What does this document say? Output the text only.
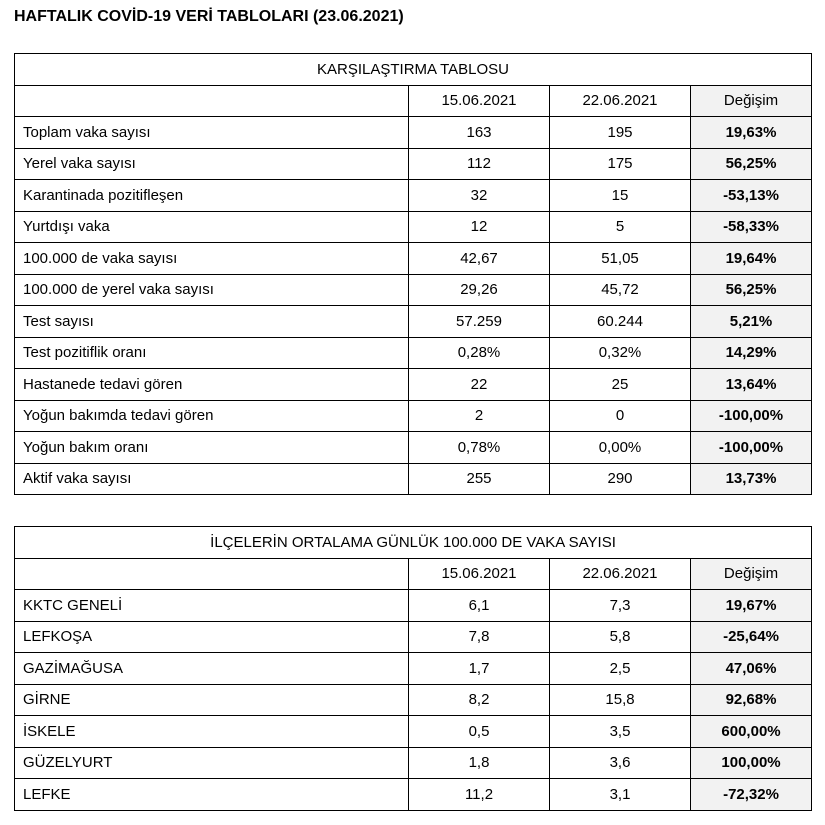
HAFTALIK COVİD-19 VERİ TABLOLARI (23.06.2021)
KARŞILAŞTIRMA TABLOSU			
	15.06.2021	22.06.2021	Değişim
Toplam vaka sayısı	163	195	19,63%
Yerel vaka sayısı	112	175	56,25%
Karantinada pozitifleşen	32	15	-53,13%
Yurtdışı vaka	12	5	-58,33%
100.000 de vaka sayısı	42,67	51,05	19,64%
100.000 de yerel vaka sayısı	29,26	45,72	56,25%
Test sayısı	57.259	60.244	5,21%
Test pozitiflik oranı	0,28%	0,32%	14,29%
Hastanede tedavi gören	22	25	13,64%
Yoğun bakımda tedavi gören	2	0	-100,00%
Yoğun bakım oranı	0,78%	0,00%	-100,00%
Aktif vaka sayısı	255	290	13,73%
İLÇELERİN ORTALAMA GÜNLÜK 100.000 DE VAKA SAYISI			
	15.06.2021	22.06.2021	Değişim
KKTC GENELİ	6,1	7,3	19,67%
LEFKOŞA	7,8	5,8	-25,64%
GAZİMAĞUSA	1,7	2,5	47,06%
GİRNE	8,2	15,8	92,68%
İSKELE	0,5	3,5	600,00%
GÜZELYURT	1,8	3,6	100,00%
LEFKE	11,2	3,1	-72,32%
